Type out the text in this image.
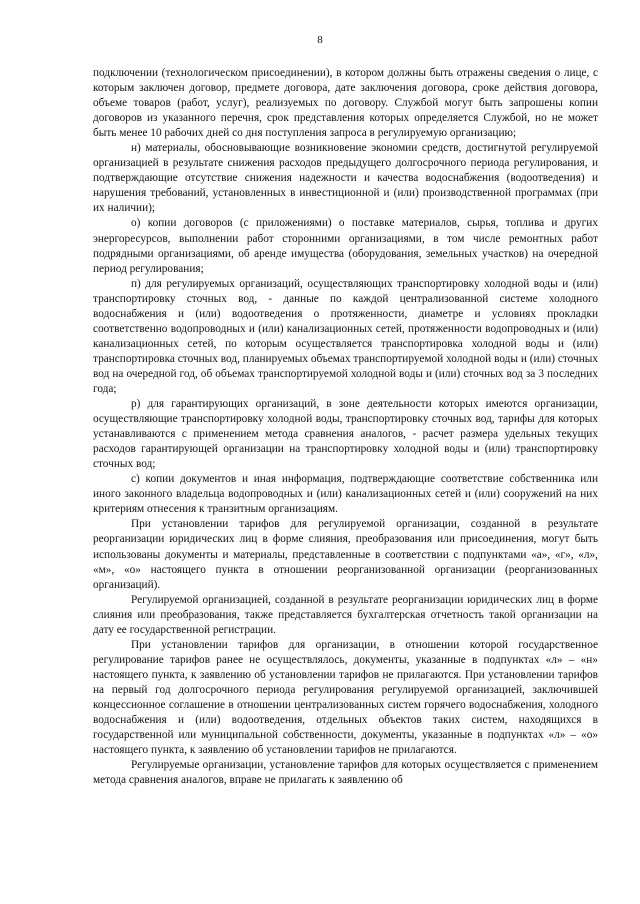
8

подключении (технологическом присоединении), в котором должны быть отражены сведения о лице, с которым заключен договор, предмете договора, дате заключения договора, сроке действия договора, объеме товаров (работ, услуг), реализуемых по договору. Службой могут быть запрошены копии договоров из указанного перечня, срок представления которых определяется Службой, но не может быть менее 10 рабочих дней со дня поступления запроса в регулируемую организацию;

н) материалы, обосновывающие возникновение экономии средств, достигнутой регулируемой организацией в результате снижения расходов предыдущего долгосрочного периода регулирования, и подтверждающие отсутствие снижения надежности и качества водоснабжения (водоотведения) и нарушения требований, установленных в инвестиционной и (или) производственной программах (при их наличии);

о) копии договоров (с приложениями) о поставке материалов, сырья, топлива и других энергоресурсов, выполнении работ сторонними организациями, в том числе ремонтных работ подрядными организациями, об аренде имущества (оборудования, земельных участков) на очередной период регулирования;

п) для регулируемых организаций, осуществляющих транспортировку холодной воды и (или) транспортировку сточных вод, - данные по каждой централизованной системе холодного водоснабжения и (или) водоотведения о протяженности, диаметре и условиях прокладки соответственно водопроводных и (или) канализационных сетей, протяженности водопроводных и (или) канализационных сетей, по которым осуществляется транспортировка холодной воды и (или) транспортировка сточных вод, планируемых объемах транспортируемой холодной воды и (или) сточных вод на очередной год, об объемах транспортируемой холодной воды и (или) сточных вод за 3 последних года;

р) для гарантирующих организаций, в зоне деятельности которых имеются организации, осуществляющие транспортировку холодной воды, транспортировку сточных вод, тарифы для которых устанавливаются с применением метода сравнения аналогов, - расчет размера удельных текущих расходов гарантирующей организации на транспортировку холодной воды и (или) транспортировку сточных вод;

с) копии документов и иная информация, подтверждающие соответствие собственника или иного законного владельца водопроводных и (или) канализационных сетей и (или) сооружений на них критериям отнесения к транзитным организациям.

При установлении тарифов для регулируемой организации, созданной в результате реорганизации юридических лиц в форме слияния, преобразования или присоединения, могут быть использованы документы и материалы, представленные в соответствии с подпунктами «а», «г», «л», «м», «о» настоящего пункта в отношении реорганизованной организации (реорганизованных организаций).

Регулируемой организацией, созданной в результате реорганизации юридических лиц в форме слияния или преобразования, также представляется бухгалтерская отчетность такой организации на дату ее государственной регистрации.

При установлении тарифов для организации, в отношении которой государственное регулирование тарифов ранее не осуществлялось, документы, указанные в подпунктах «л» – «н» настоящего пункта, к заявлению об установлении тарифов не прилагаются. При установлении тарифов на первый год долгосрочного периода регулирования регулируемой организацией, заключившей концессионное соглашение в отношении централизованных систем горячего водоснабжения, холодного водоснабжения и (или) водоотведения, отдельных объектов таких систем, находящихся в государственной или муниципальной собственности, документы, указанные в подпунктах «л» – «о» настоящего пункта, к заявлению об установлении тарифов не прилагаются.

Регулируемые организации, установление тарифов для которых осуществляется с применением метода сравнения аналогов, вправе не прилагать к заявлению об
